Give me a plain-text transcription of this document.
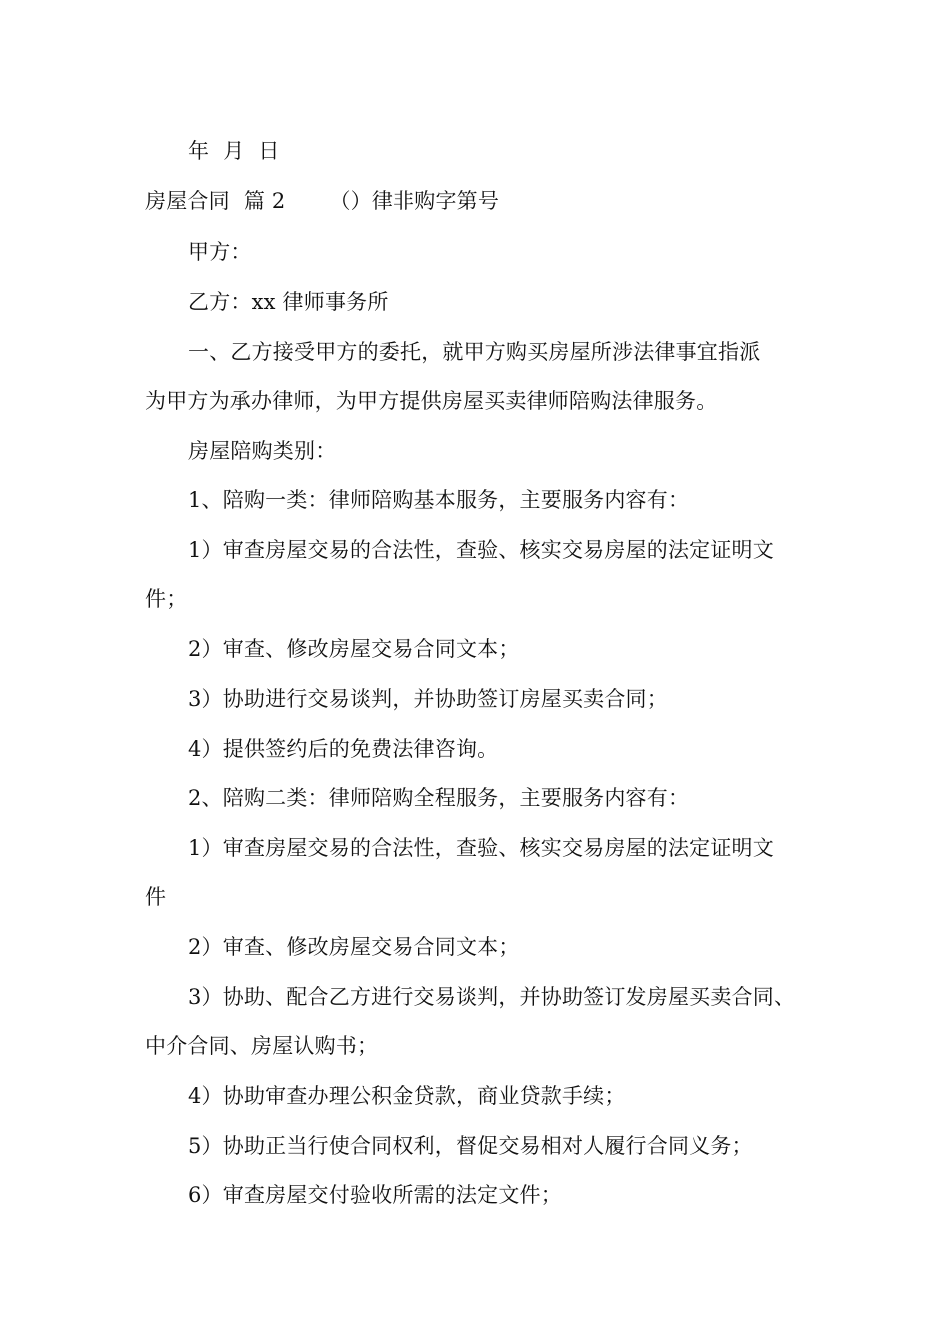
年 月 日
房屋合同 篇 2 （）律非购字第号
甲方：
乙方：xx 律师事务所
一、乙方接受甲方的委托，就甲方购买房屋所涉法律事宜指派
为甲方为承办律师，为甲方提供房屋买卖律师陪购法律服务。
房屋陪购类别：
1、陪购一类：律师陪购基本服务，主要服务内容有：
1）审查房屋交易的合法性，查验、核实交易房屋的法定证明文
件；
2）审查、修改房屋交易合同文本；
3）协助进行交易谈判，并协助签订房屋买卖合同；
4）提供签约后的免费法律咨询。
2、陪购二类：律师陪购全程服务，主要服务内容有：
1）审查房屋交易的合法性，查验、核实交易房屋的法定证明文
件
2）审查、修改房屋交易合同文本；
3）协助、配合乙方进行交易谈判，并协助签订发房屋买卖合同、
中介合同、房屋认购书；
4）协助审查办理公积金贷款，商业贷款手续；
5）协助正当行使合同权利，督促交易相对人履行合同义务；
6）审查房屋交付验收所需的法定文件；
